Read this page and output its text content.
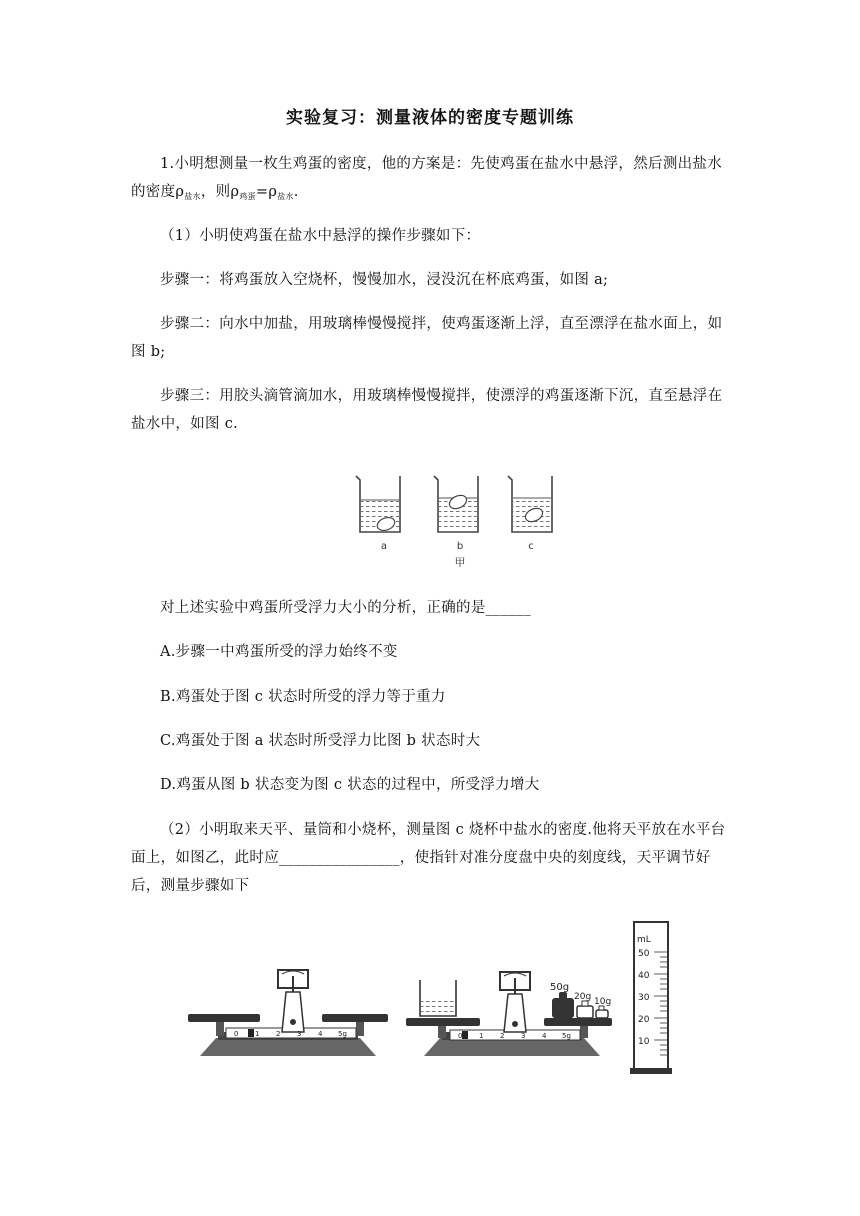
实验复习：测量液体的密度专题训练

1.小明想测量一枚生鸡蛋的密度，他的方案是：先使鸡蛋在盐水中悬浮，然后测出盐水
的密度$\rho_{盐水}$，则$\rho_{鸡蛋}=\rho_{盐水}$.

（1）小明使鸡蛋在盐水中悬浮的操作步骤如下：

步骤一：将鸡蛋放入空烧杯，慢慢加水，浸没沉在杯底鸡蛋，如图 a;

步骤二：向水中加盐，用玻璃棒慢慢搅拌，使鸡蛋逐渐上浮，直至漂浮在盐水面上，如图 b;

步骤三：用胶头滴管滴加水，用玻璃棒慢慢搅拌，使漂浮的鸡蛋逐渐下沉，直至悬浮在盐水中，如图 c.

a	b	c
甲

对上述实验中鸡蛋所受浮力大小的分析，正确的是______

A.步骤一中鸡蛋所受的浮力始终不变

B.鸡蛋处于图 c 状态时所受的浮力等于重力

C.鸡蛋处于图 a 状态时所受浮力比图 b 状态时大

D.鸡蛋从图 b 状态变为图 c 状态的过程中，所受浮力增大

（2）小明取来天平、量筒和小烧杯，测量图 c 烧杯中盐水的密度.他将天平放在水平台面上，如图乙，此时应________________，使指针对准分度盘中央的刻度线，天平调节好后，测量步骤如下

0 1 2 3 4 5g
50g
20g 10g
0 1 2 3 4 5g
mL
50
40
30
20
10
